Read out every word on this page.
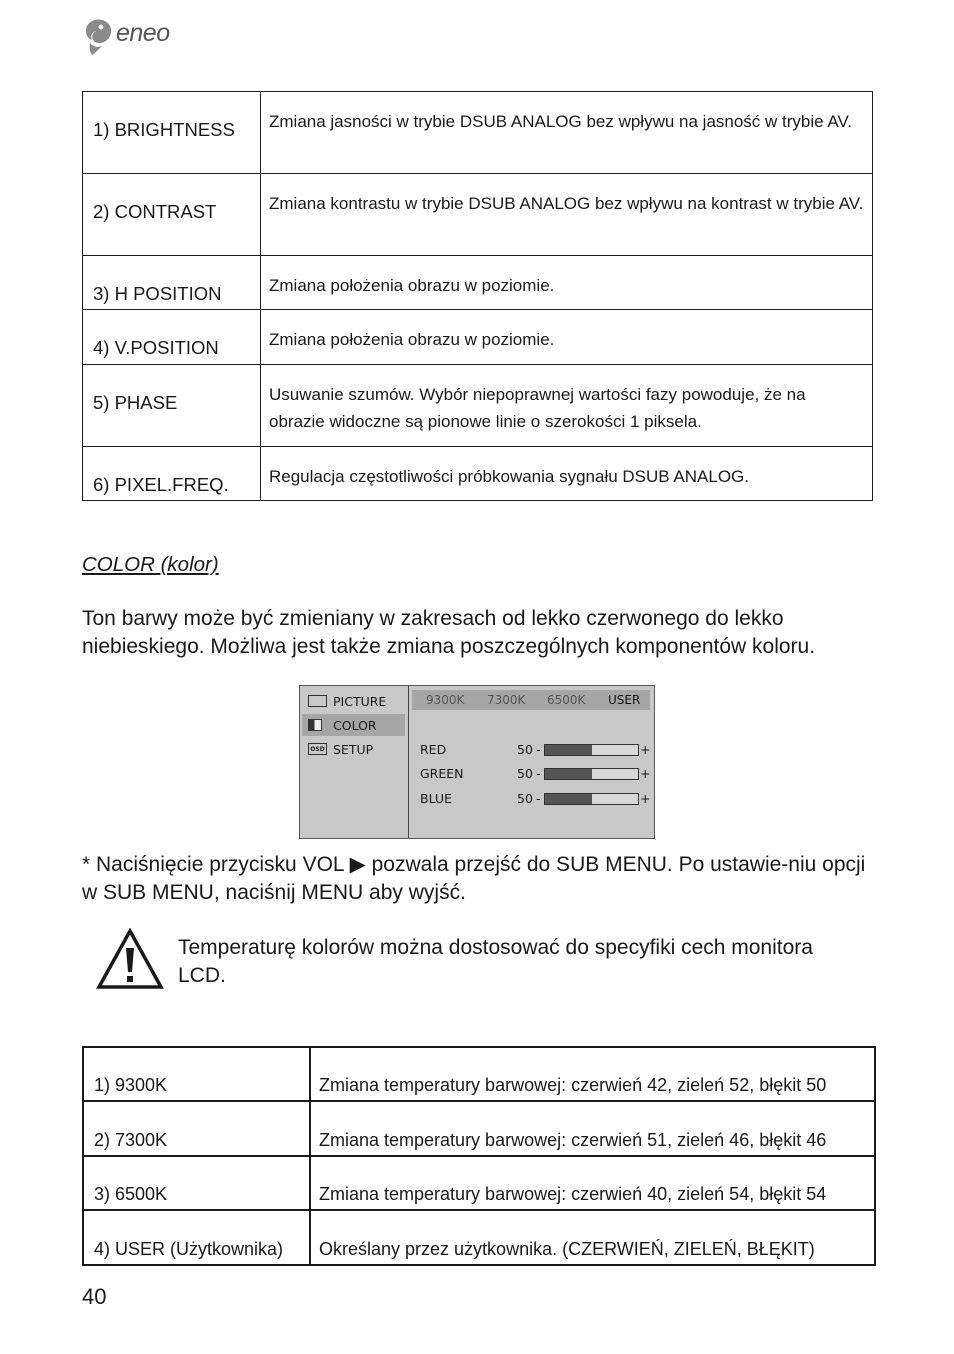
eneo
1) BRIGHTNESS	Zmiana jasności w trybie DSUB ANALOG bez wpływu na jasność w trybie AV.
2) CONTRAST	Zmiana kontrastu w trybie DSUB ANALOG bez wpływu na kontrast w trybie AV.
3) H POSITION	Zmiana położenia obrazu w poziomie.
4) V.POSITION	Zmiana położenia obrazu w poziomie.
5) PHASE	Usuwanie szumów. Wybór niepoprawnej wartości fazy powoduje, że na obrazie widoczne są pionowe linie o szerokości 1 piksela.
6) PIXEL.FREQ.	Regulacja częstotliwości próbkowania sygnału DSUB ANALOG.
COLOR (kolor)

Ton barwy może być zmieniany w zakresach od lekko czerwonego do lekko niebieskiego. Możliwa jest także zmiana poszczególnych komponentów koloru.

PICTURE
COLOR
OSD SETUP
9300K 7300K 6500K USER
RED	50 -	+
GREEN	50 -	+
BLUE	50 -	+

* Naciśnięcie przycisku VOL ▶ pozwala przejść do SUB MENU. Po ustawie-niu opcji w SUB MENU, naciśnij MENU aby wyjść.

Temperaturę kolorów można dostosować do specyfiki cech monitora LCD.

1) 9300K	Zmiana temperatury barwowej: czerwień 42, zieleń 52, błękit 50
2) 7300K	Zmiana temperatury barwowej: czerwień 51, zieleń 46, błękit 46
3) 6500K	Zmiana temperatury barwowej: czerwień 40, zieleń 54, błękit 54
4) USER (Użytkownika)	Określany przez użytkownika. (CZERWIEŃ, ZIELEŃ, BŁĘKIT)
40
